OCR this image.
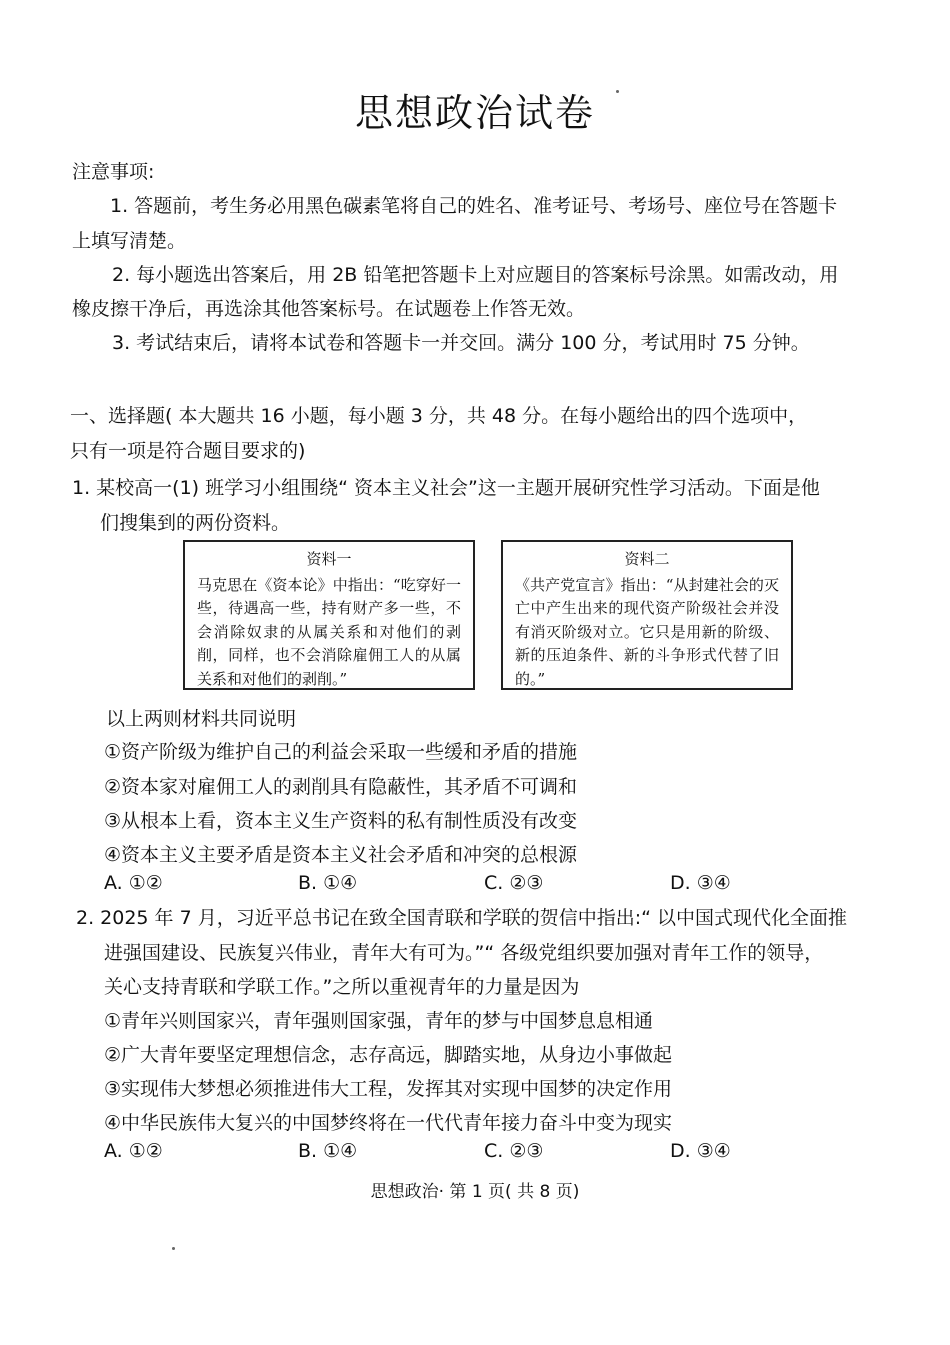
思想政治试卷
注意事项:
1. 答题前，考生务必用黑色碳素笔将自己的姓名、准考证号、考场号、座位号在答题卡
上填写清楚。
2. 每小题选出答案后，用 2B 铅笔把答题卡上对应题目的答案标号涂黑。如需改动，用
橡皮擦干净后，再选涂其他答案标号。在试题卷上作答无效。
3. 考试结束后，请将本试卷和答题卡一并交回。满分 100 分，考试用时 75 分钟。
一、选择题( 本大题共 16 小题，每小题 3 分，共 48 分。在每小题给出的四个选项中，
只有一项是符合题目要求的)
1. 某校高一(1) 班学习小组围绕“ 资本主义社会”这一主题开展研究性学习活动。下面是他
们搜集到的两份资料。
资料一
马克思在《资本论》中指出：“吃穿好一些，待遇高一些，持有财产多一些，不会消除奴隶的从属关系和对他们的剥削，同样，也不会消除雇佣工人的从属关系和对他们的剥削。”
资料二
《共产党宣言》指出：“从封建社会的灭亡中产生出来的现代资产阶级社会并没有消灭阶级对立。它只是用新的阶级、新的压迫条件、新的斗争形式代替了旧的。”
以上两则材料共同说明
①资产阶级为维护自己的利益会采取一些缓和矛盾的措施
②资本家对雇佣工人的剥削具有隐蔽性，其矛盾不可调和
③从根本上看，资本主义生产资料的私有制性质没有改变
④资本主义主要矛盾是资本主义社会矛盾和冲突的总根源
A. ①②	B. ①④	C. ②③	D. ③④
2. 2025 年 7 月，习近平总书记在致全国青联和学联的贺信中指出:“ 以中国式现代化全面推
进强国建设、民族复兴伟业，青年大有可为。”“ 各级党组织要加强对青年工作的领导，
关心支持青联和学联工作。”之所以重视青年的力量是因为
①青年兴则国家兴，青年强则国家强，青年的梦与中国梦息息相通
②广大青年要坚定理想信念，志存高远，脚踏实地，从身边小事做起
③实现伟大梦想必须推进伟大工程，发挥其对实现中国梦的决定作用
④中华民族伟大复兴的中国梦终将在一代代青年接力奋斗中变为现实
A. ①②	B. ①④	C. ②③	D. ③④
思想政治· 第 1 页( 共 8 页)
